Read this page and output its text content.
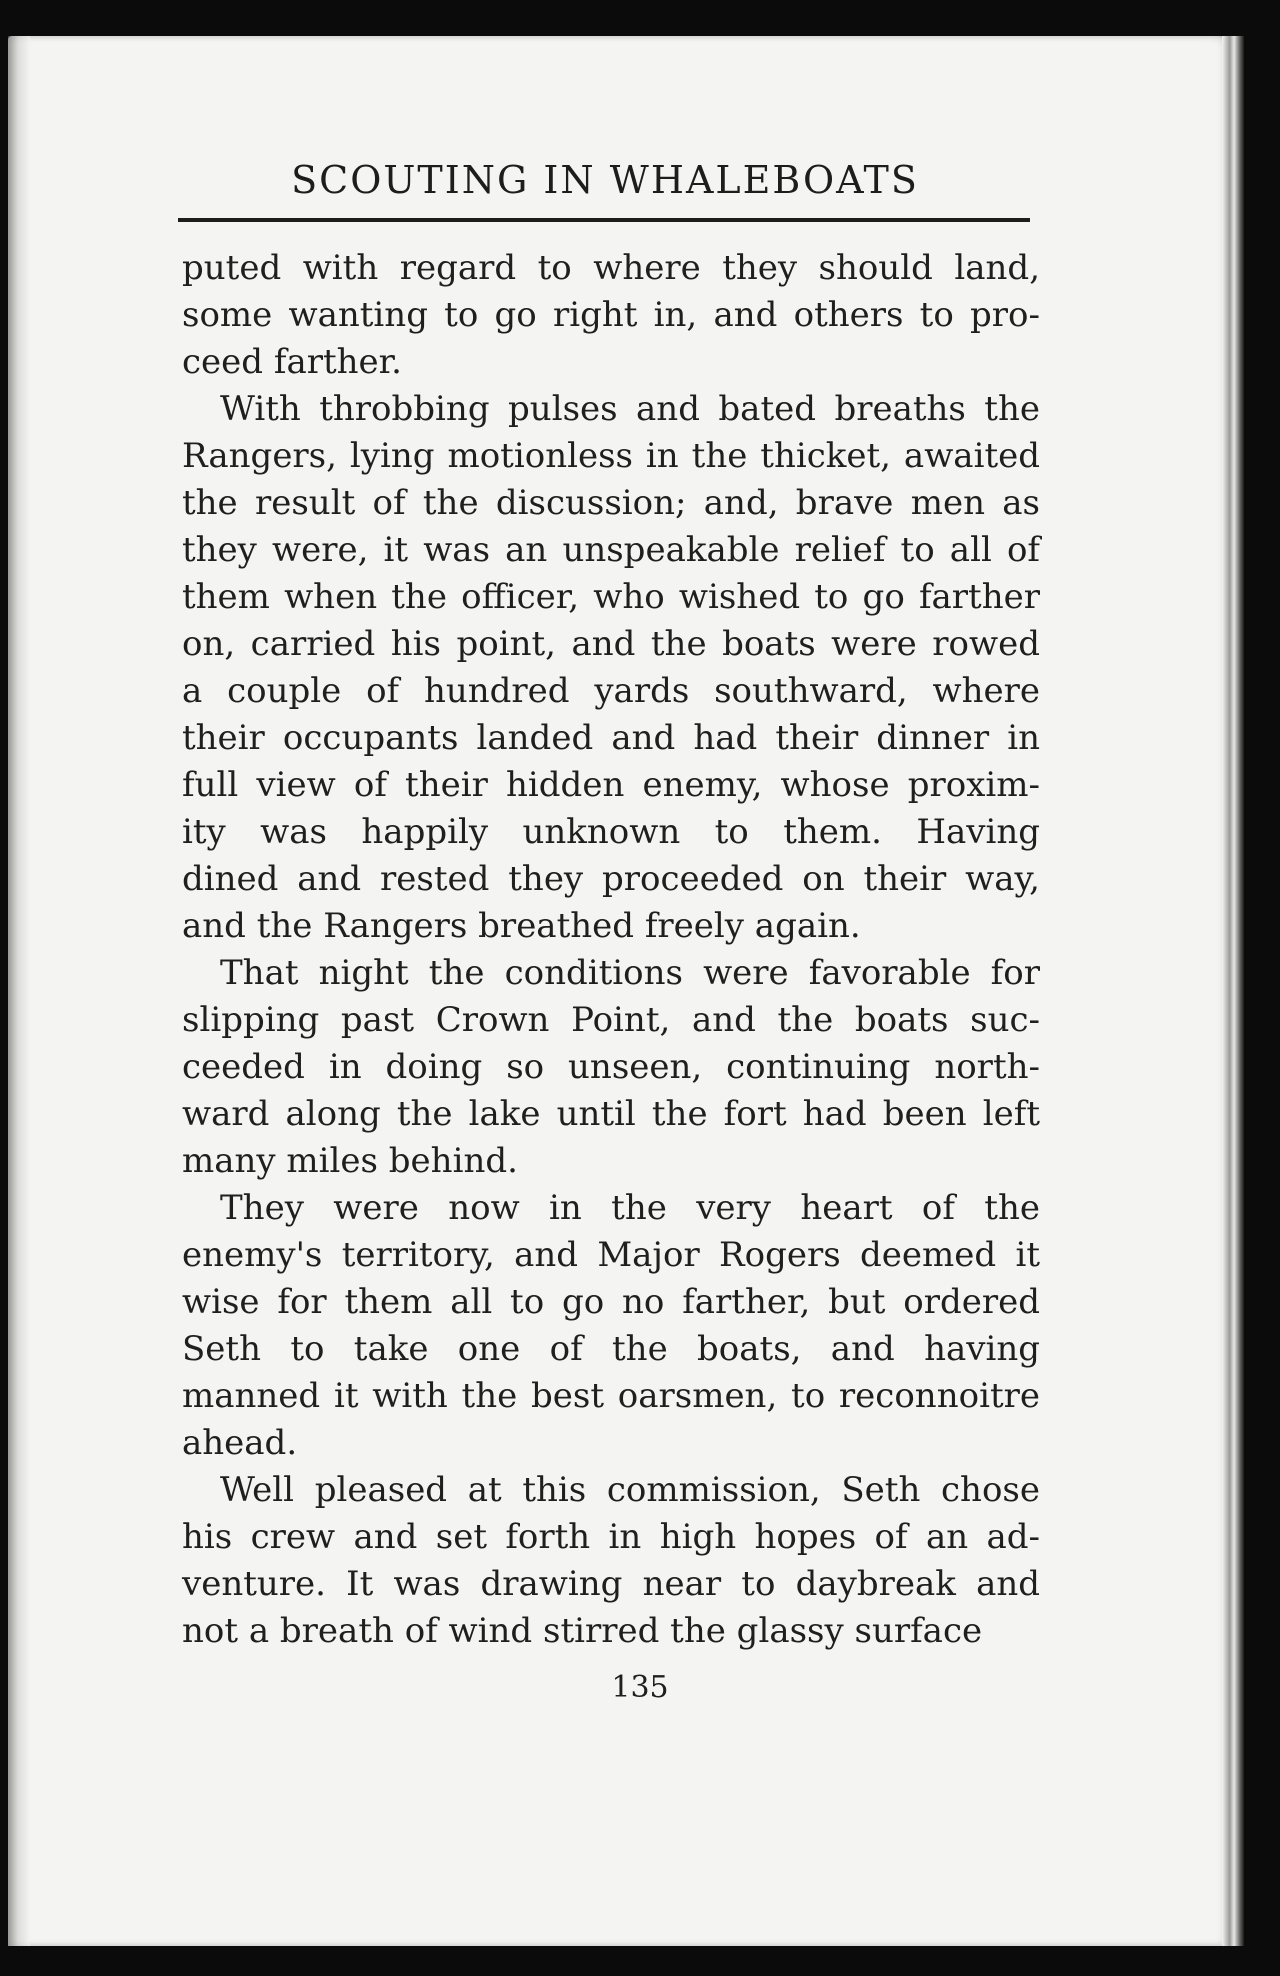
SCOUTING IN WHALEBOATS
puted with regard to where they should land,
some wanting to go right in, and others to pro-
ceed farther.
With throbbing pulses and bated breaths the
Rangers, lying motionless in the thicket, awaited
the result of the discussion; and, brave men as
they were, it was an unspeakable relief to all of
them when the officer, who wished to go farther
on, carried his point, and the boats were rowed
a couple of hundred yards southward, where
their occupants landed and had their dinner in
full view of their hidden enemy, whose proxim-
ity was happily unknown to them. Having
dined and rested they proceeded on their way,
and the Rangers breathed freely again.
That night the conditions were favorable for
slipping past Crown Point, and the boats suc-
ceeded in doing so unseen, continuing north-
ward along the lake until the fort had been left
many miles behind.
They were now in the very heart of the
enemy's territory, and Major Rogers deemed it
wise for them all to go no farther, but ordered
Seth to take one of the boats, and having
manned it with the best oarsmen, to reconnoitre
ahead.
Well pleased at this commission, Seth chose
his crew and set forth in high hopes of an ad-
venture. It was drawing near to daybreak and
not a breath of wind stirred the glassy surface
135
